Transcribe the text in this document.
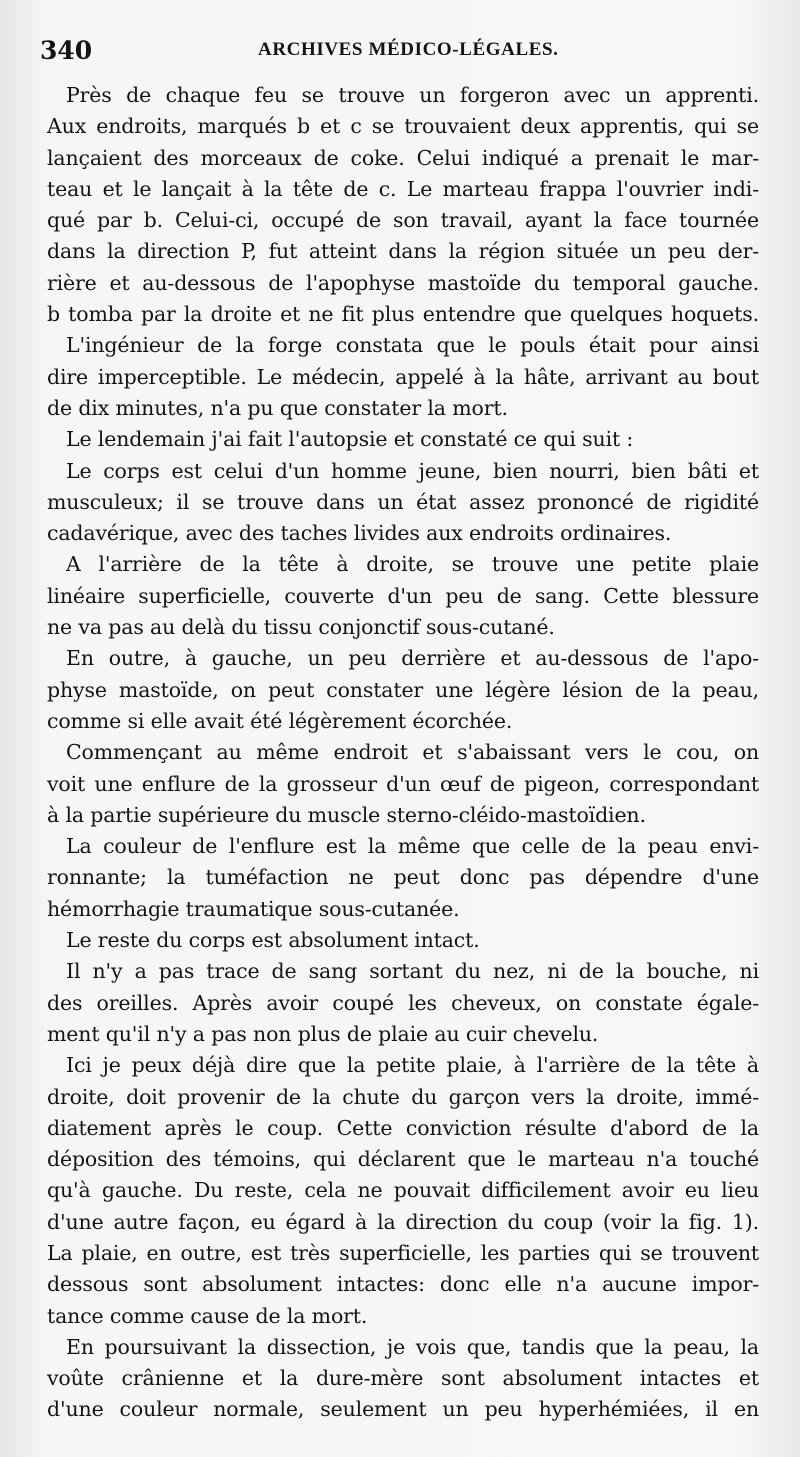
340	ARCHIVES MÉDICO-LÉGALES.
Près de chaque feu se trouve un forgeron avec un apprenti.
Aux endroits, marqués b et c se trouvaient deux apprentis, qui se
lançaient des morceaux de coke. Celui indiqué a prenait le mar-
teau et le lançait à la tête de c. Le marteau frappa l'ouvrier indi-
qué par b. Celui-ci, occupé de son travail, ayant la face tournée
dans la direction P, fut atteint dans la région située un peu der-
rière et au-dessous de l'apophyse mastoïde du temporal gauche.
b tomba par la droite et ne fit plus entendre que quelques hoquets.
L'ingénieur de la forge constata que le pouls était pour ainsi
dire imperceptible. Le médecin, appelé à la hâte, arrivant au bout
de dix minutes, n'a pu que constater la mort.
Le lendemain j'ai fait l'autopsie et constaté ce qui suit :
Le corps est celui d'un homme jeune, bien nourri, bien bâti et
musculeux; il se trouve dans un état assez prononcé de rigidité
cadavérique, avec des taches livides aux endroits ordinaires.
A l'arrière de la tête à droite, se trouve une petite plaie
linéaire superficielle, couverte d'un peu de sang. Cette blessure
ne va pas au delà du tissu conjonctif sous-cutané.
En outre, à gauche, un peu derrière et au-dessous de l'apo-
physe mastoïde, on peut constater une légère lésion de la peau,
comme si elle avait été légèrement écorchée.
Commençant au même endroit et s'abaissant vers le cou, on
voit une enflure de la grosseur d'un œuf de pigeon, correspondant
à la partie supérieure du muscle sterno-cléido-mastoïdien.
La couleur de l'enflure est la même que celle de la peau envi-
ronnante; la tuméfaction ne peut donc pas dépendre d'une
hémorrhagie traumatique sous-cutanée.
Le reste du corps est absolument intact.
Il n'y a pas trace de sang sortant du nez, ni de la bouche, ni
des oreilles. Après avoir coupé les cheveux, on constate égale-
ment qu'il n'y a pas non plus de plaie au cuir chevelu.
Ici je peux déjà dire que la petite plaie, à l'arrière de la tête à
droite, doit provenir de la chute du garçon vers la droite, immé-
diatement après le coup. Cette conviction résulte d'abord de la
déposition des témoins, qui déclarent que le marteau n'a touché
qu'à gauche. Du reste, cela ne pouvait difficilement avoir eu lieu
d'une autre façon, eu égard à la direction du coup (voir la fig. 1).
La plaie, en outre, est très superficielle, les parties qui se trouvent
dessous sont absolument intactes: donc elle n'a aucune impor-
tance comme cause de la mort.
En poursuivant la dissection, je vois que, tandis que la peau, la
voûte crânienne et la dure-mère sont absolument intactes et
d'une couleur normale, seulement un peu hyperhémiées, il en
